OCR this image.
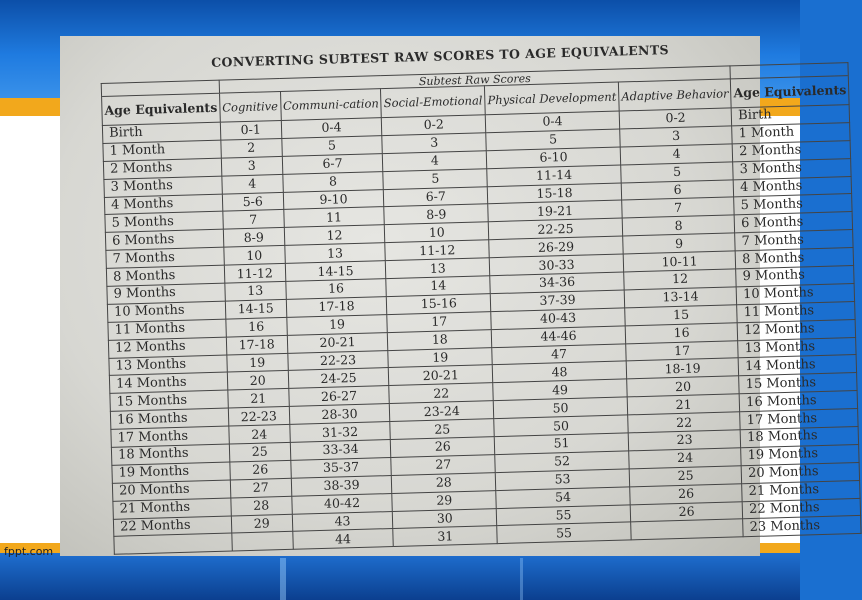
fppt.com
CONVERTING SUBTEST RAW SCORES TO AGE EQUIVALENTS
	Subtest Raw Scores					
Age Equivalents	Cognitive	Communi-cation	Social-Emotional	Physical Development	Adaptive Behavior	Age Equivalents
Birth	0-1	0-4	0-2	0-4	0-2	Birth
1 Month	2	5	3	5	3	1 Month
2 Months	3	6-7	4	6-10	4	2 Months
3 Months	4	8	5	11-14	5	3 Months
4 Months	5-6	9-10	6-7	15-18	6	4 Months
5 Months	7	11	8-9	19-21	7	5 Months
6 Months	8-9	12	10	22-25	8	6 Months
7 Months	10	13	11-12	26-29	9	7 Months
8 Months	11-12	14-15	13	30-33	10-11	8 Months
9 Months	13	16	14	34-36	12	9 Months
10 Months	14-15	17-18	15-16	37-39	13-14	10 Months
11 Months	16	19	17	40-43	15	11 Months
12 Months	17-18	20-21	18	44-46	16	12 Months
13 Months	19	22-23	19	47	17	13 Months
14 Months	20	24-25	20-21	48	18-19	14 Months
15 Months	21	26-27	22	49	20	15 Months
16 Months	22-23	28-30	23-24	50	21	16 Months
17 Months	24	31-32	25	50	22	17 Months
18 Months	25	33-34	26	51	23	18 Months
19 Months	26	35-37	27	52	24	19 Months
20 Months	27	38-39	28	53	25	20 Months
21 Months	28	40-42	29	54	26	21 Months
22 Months	29	43	30	55	26	22 Months
		44	31	55		23 Months
